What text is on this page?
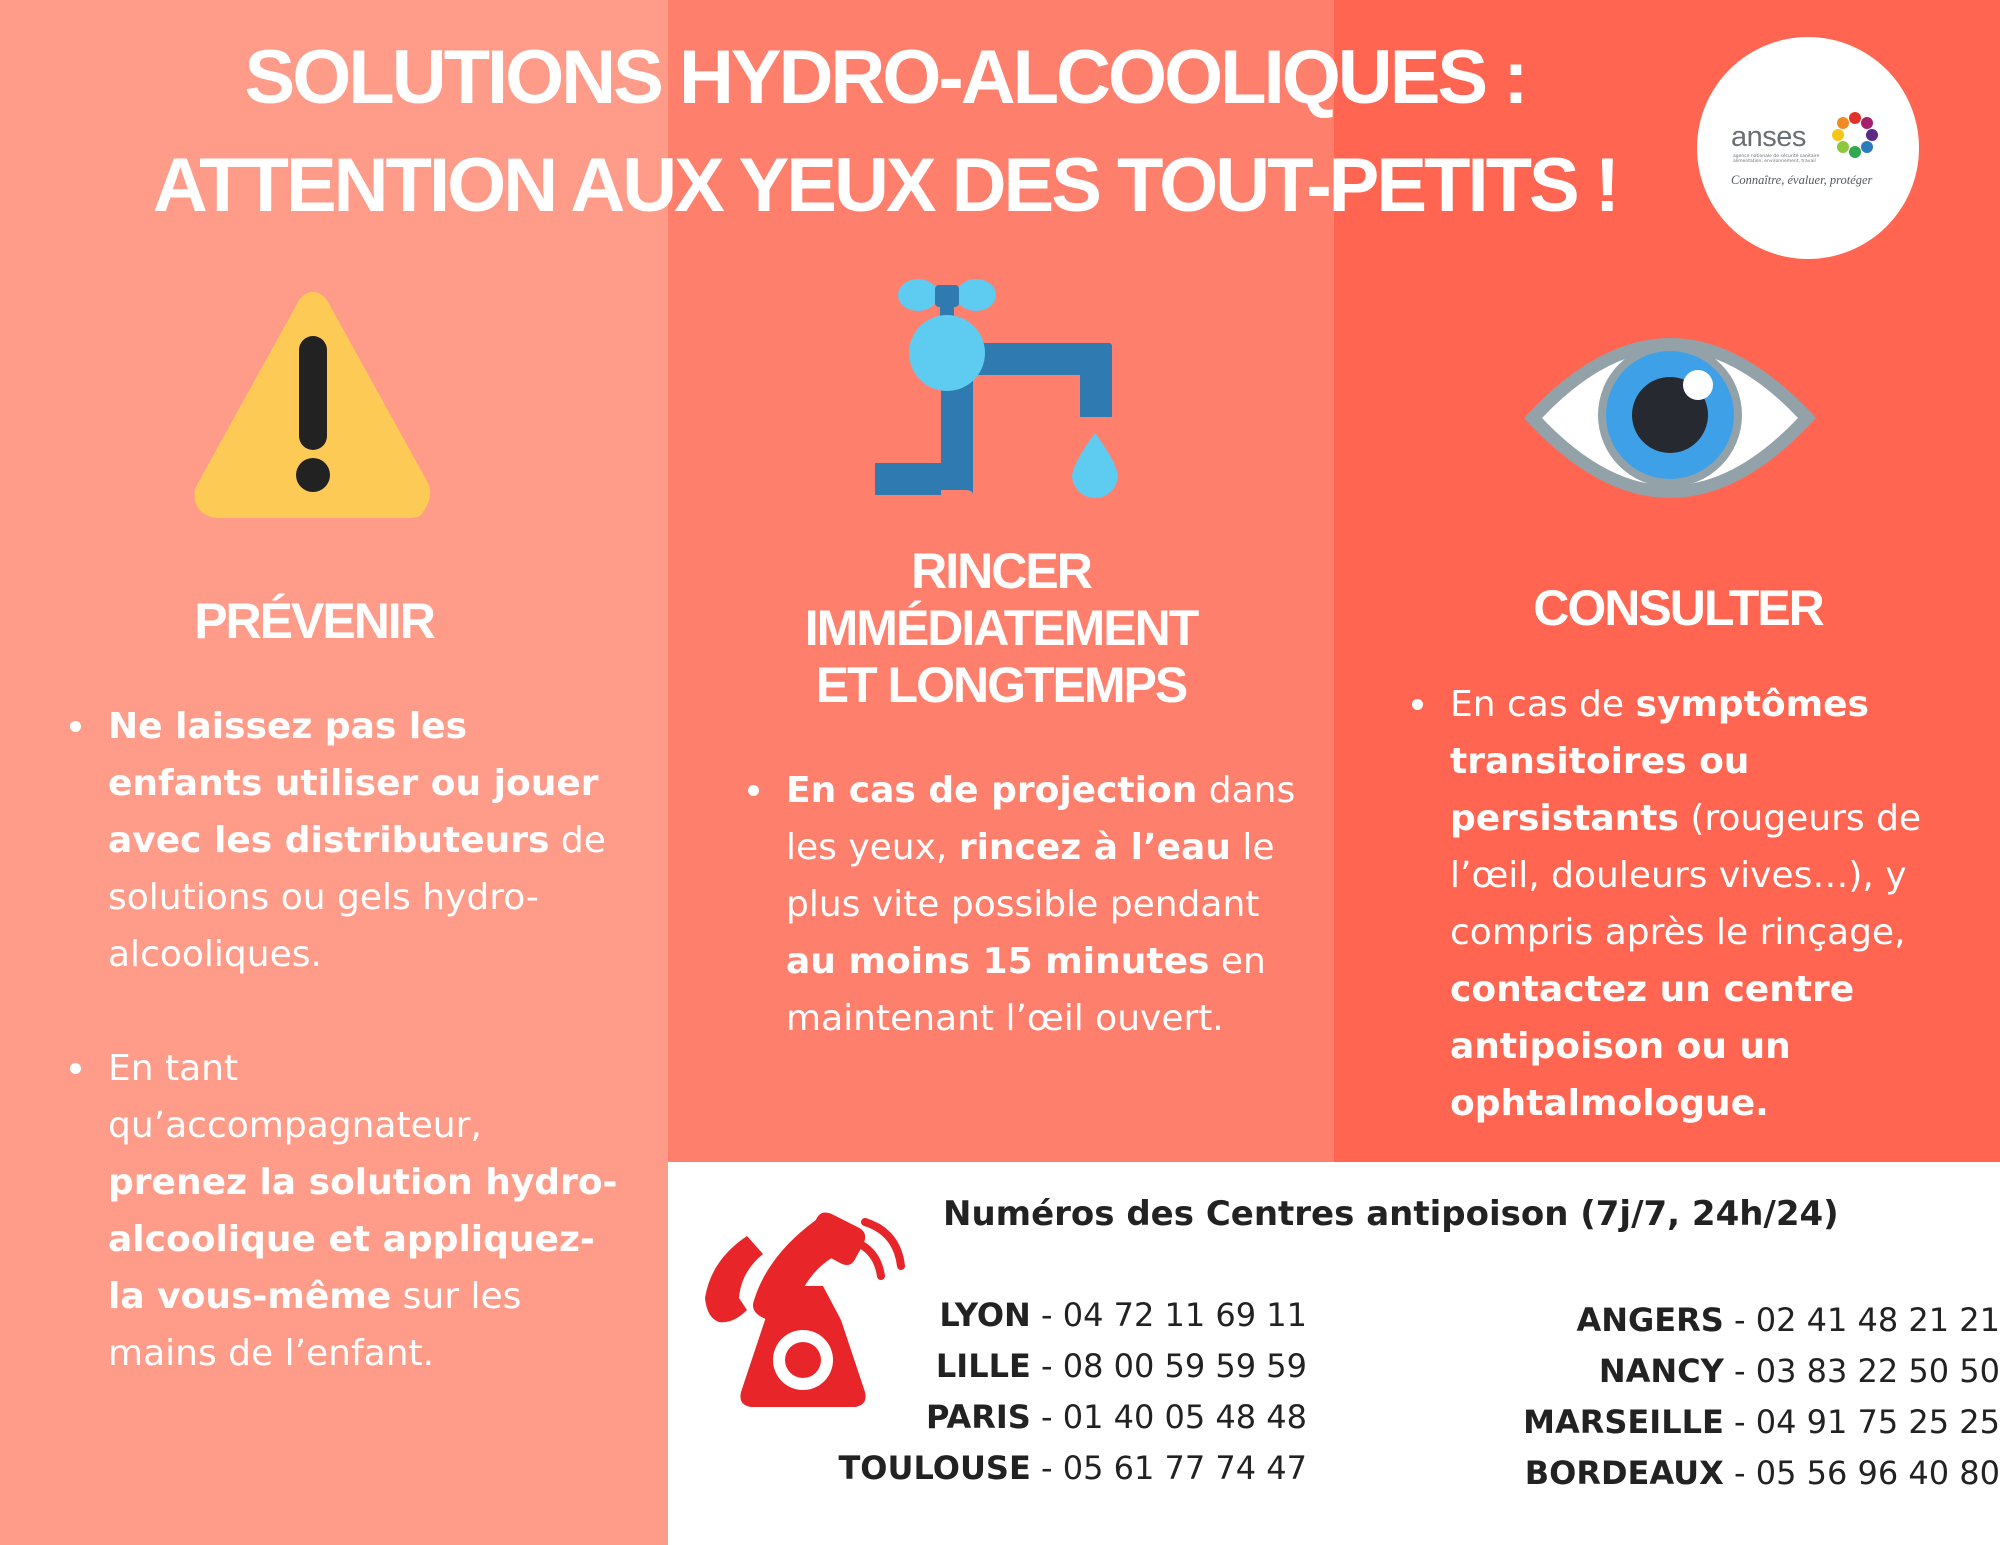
SOLUTIONS HYDRO-ALCOOLIQUES :
ATTENTION AUX YEUX DES TOUT-PETITS !
anses
agence nationale de sécurité sanitaire alimentation, environnement, travail
Connaître, évaluer, protéger
PRÉVENIR
RINCER
IMMÉDIATEMENT
ET LONGTEMPS
CONSULTER
Ne laissez pas les enfants utiliser ou jouer avec les distributeurs de solutions ou gels hydro-alcooliques.
En tant qu’accompagnateur, prenez la solution hydro-alcoolique et appliquez-la vous-même sur les mains de l’enfant.
En cas de projection dans les yeux, rincez à l’eau le plus vite possible pendant au moins 15 minutes en maintenant l’œil ouvert.
En cas de symptômes transitoires ou persistants (rougeurs de l’œil, douleurs vives…), y compris après le rinçage, contactez un centre antipoison ou un ophtalmologue.
Numéros des Centres antipoison (7j/7, 24h/24)
LYON - 04 72 11 69 11
LILLE - 08 00 59 59 59
PARIS - 01 40 05 48 48
TOULOUSE - 05 61 77 74 47
ANGERS - 02 41 48 21 21
NANCY - 03 83 22 50 50
MARSEILLE - 04 91 75 25 25
BORDEAUX - 05 56 96 40 80
